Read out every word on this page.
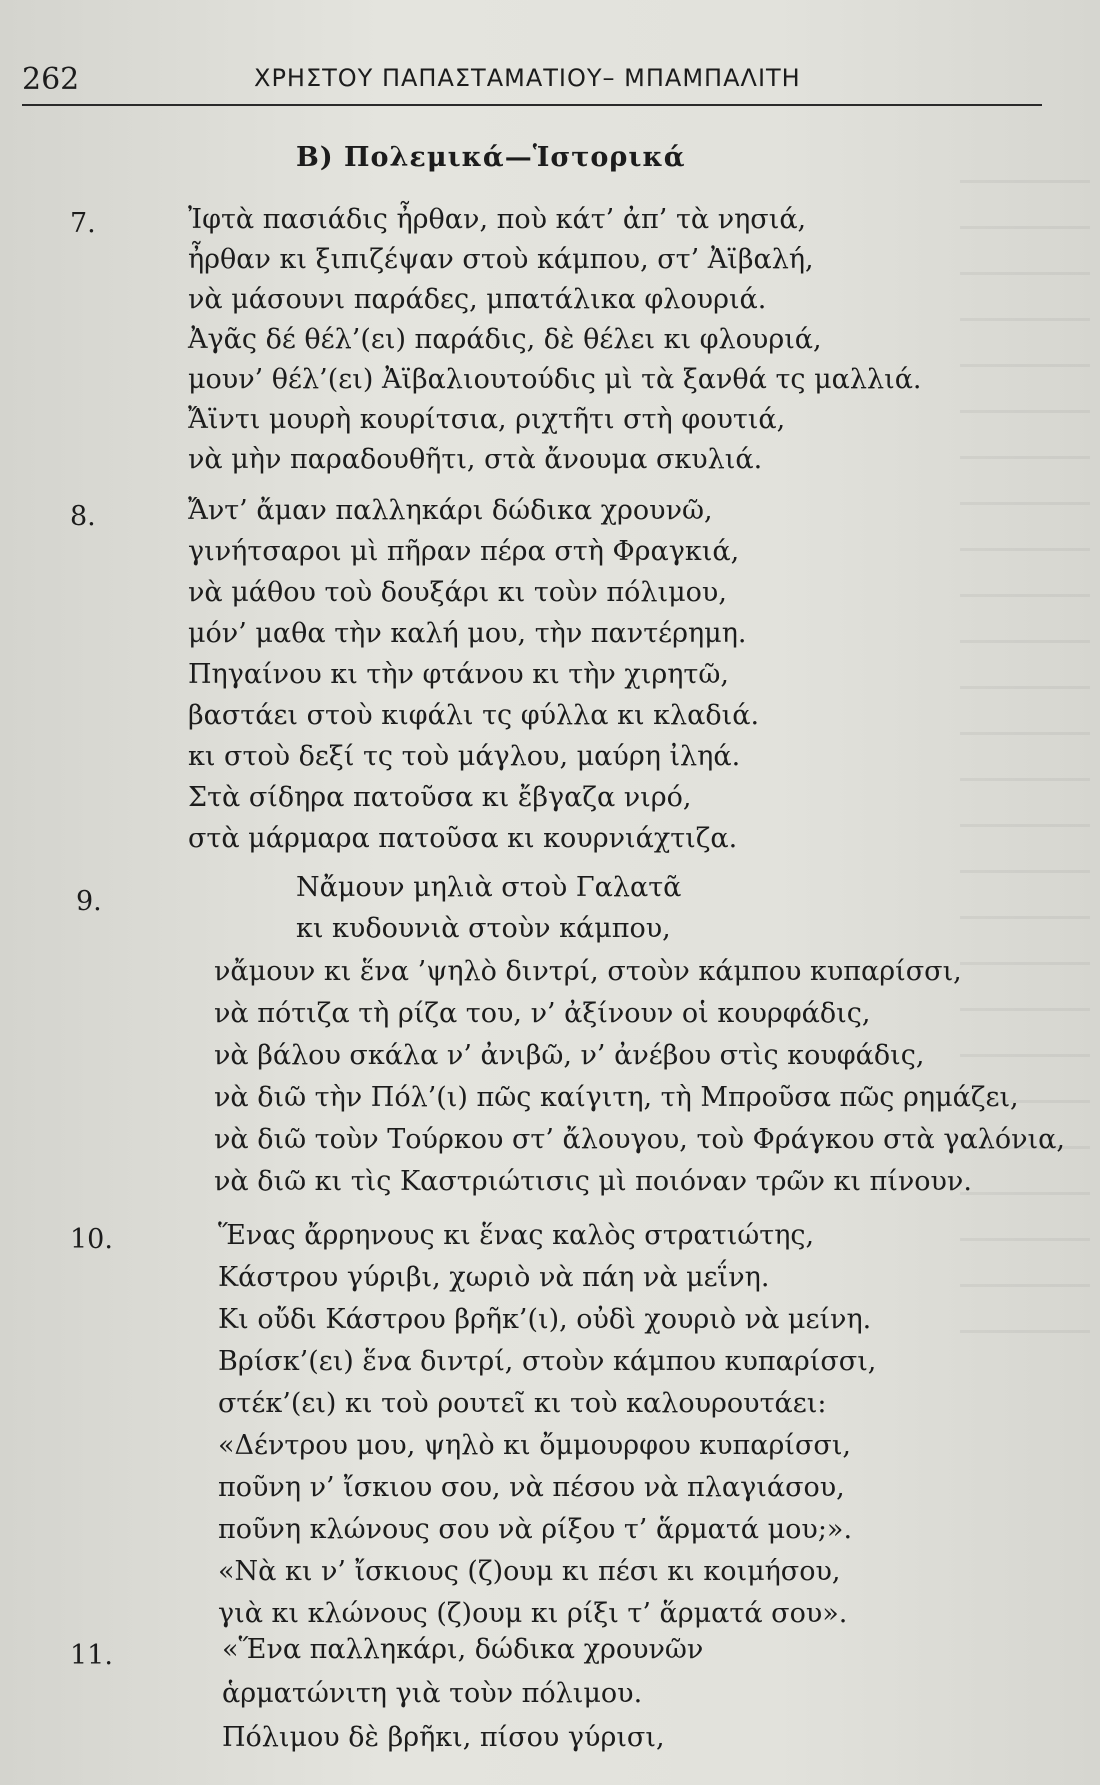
262	ΧΡΗΣΤΟΥ ΠΑΠΑΣΤΑΜΑΤΙΟΥ– ΜΠΑΜΠΑΛΙΤΗ
Β) Πολεμικά—Ἱστορικά
7.	Ἰφτὰ πασιάδις ἦρθαν, ποὺ κάτ’ ἀπ’ τὰ νησιά,
ἦρθαν κι ξιπιζέψαν στοὺ κάμπου, στ’ Ἀϊβαλή,
νὰ μάσουνι παράδες, μπατάλικα φλουριά.
Ἀγᾶς δέ θέλ’(ει) παράδις, δὲ θέλει κι φλουριά,
μουν’ θέλ’(ει) Ἀϊβαλιουτούδις μὶ τὰ ξανθά τς μαλλιά.
Ἄϊντι μουρὴ κουρίτσια, ριχτῆτι στὴ φουτιά,
νὰ μὴν παραδουθῆτι, στὰ ἄνουμα σκυλιά.
8.	Ἄντ’ ἄμαν παλληκάρι δώδικα χρουνῶ,
γινήτσαροι μὶ πῆραν πέρα στὴ Φραγκιά,
νὰ μάθου τοὺ δουξάρι κι τοὺν πόλιμου,
μόν’ μαθα τὴν καλή μου, τὴν παντέρημη.
Πηγαίνου κι τὴν φτάνου κι τὴν χιρητῶ,
βαστάει στοὺ κιφάλι τς φύλλα κι κλαδιά.
κι στοὺ δεξί τς τοὺ μάγλου, μαύρη ἰληά.
Στὰ σίδηρα πατοῦσα κι ἔβγαζα νιρό,
στὰ μάρμαρα πατοῦσα κι κουρνιάχτιζα.
9.	Νἄμουν μηλιὰ στοὺ Γαλατᾶ
κι κυδουνιὰ στοὺν κάμπου,
νἄμουν κι ἕνα ’ψηλὸ διντρί, στοὺν κάμπου κυπαρίσσι,
νὰ πότιζα τὴ ρίζα του, ν’ ἀξίνουν οἱ κουρφάδις,
νὰ βάλου σκάλα ν’ ἀνιβῶ, ν’ ἀνέβου στὶς κουφάδις,
νὰ διῶ τὴν Πόλ’(ι) πῶς καίγιτη, τὴ Μπροῦσα πῶς ρημάζει,
νὰ διῶ τοὺν Τούρκου στ’ ἄλουγου, τοὺ Φράγκου στὰ γαλόνια,
νὰ διῶ κι τὶς Καστριώτισις μὶ ποιόναν τρῶν κι πίνουν.
10.	Ἕνας ἄρρηνους κι ἕνας καλὸς στρατιώτης,
Κάστρου γύριβι, χωριὸ νὰ πάη νὰ μεΐνη.
Κι οὔδι Κάστρου βρῆκ’(ι), οὐδὶ χουριὸ νὰ μείνη.
Βρίσκ’(ει) ἕνα διντρί, στοὺν κάμπου κυπαρίσσι,
στέκ’(ει) κι τοὺ ρουτεῖ κι τοὺ καλουρουτάει:
«Δέντρου μου, ψηλὸ κι ὄμμουρφου κυπαρίσσι,
ποῦνη ν’ ἴσκιου σου, νὰ πέσου νὰ πλαγιάσου,
ποῦνη κλώνους σου νὰ ρίξου τ’ ἅρματά μου;».
«Νὰ κι ν’ ἴσκιους (ζ)ουμ κι πέσι κι κοιμήσου,
γιὰ κι κλώνους (ζ)ουμ κι ρίξι τ’ ἅρματά σου».
11.	«Ἕνα παλληκάρι, δώδικα χρουνῶν
ἁρματώνιτη γιὰ τοὺν πόλιμου.
Πόλιμου δὲ βρῆκι, πίσου γύρισι,
